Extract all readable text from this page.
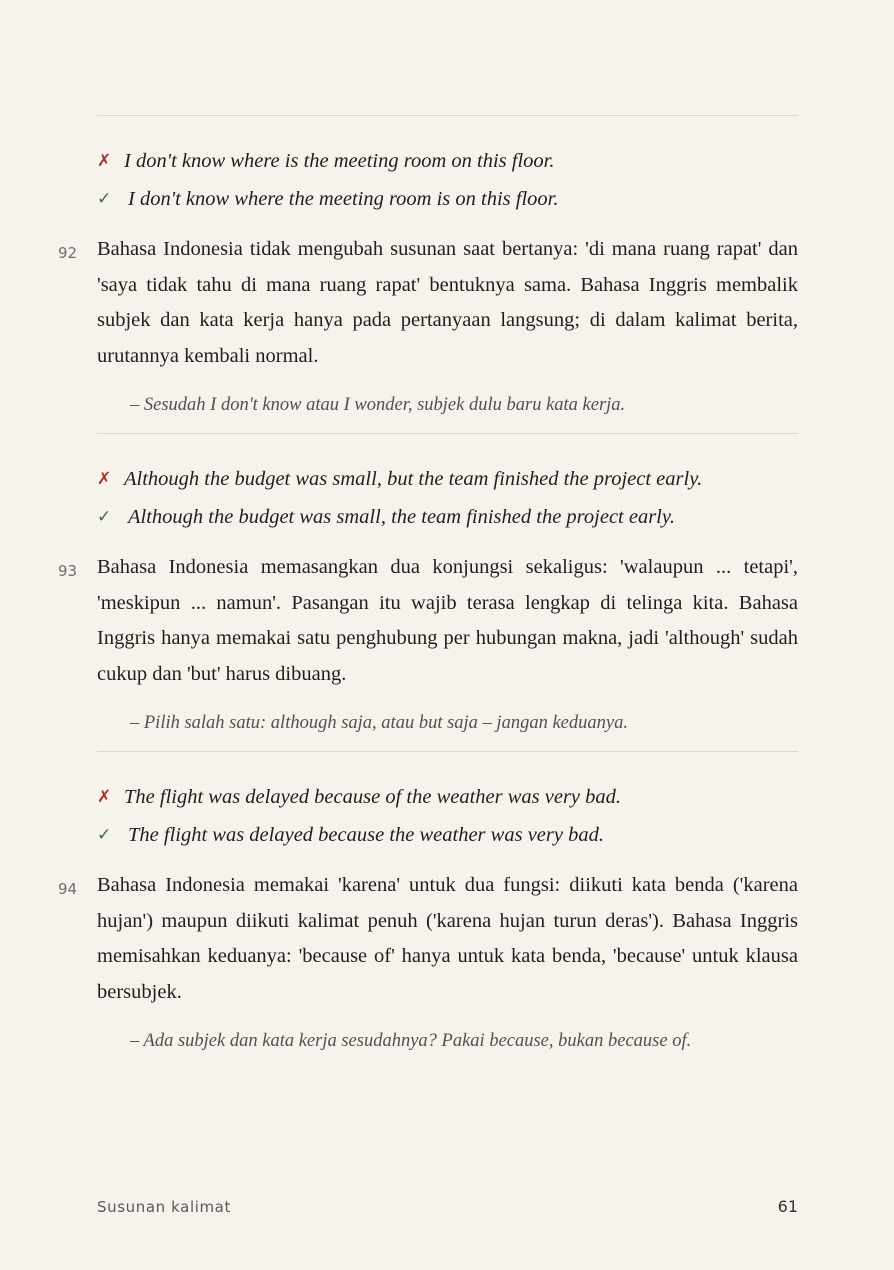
✗ I don't know where is the meeting room on this floor.
✓ I don't know where the meeting room is on this floor.
92 Bahasa Indonesia tidak mengubah susunan saat bertanya: 'di mana ruang rapat' dan 'saya tidak tahu di mana ruang rapat' bentuknya sama. Bahasa Inggris membalik subjek dan kata kerja hanya pada pertanyaan langsung; di dalam kalimat berita, urutannya kembali normal.
– Sesudah I don't know atau I wonder, subjek dulu baru kata kerja.
✗ Although the budget was small, but the team finished the project early.
✓ Although the budget was small, the team finished the project early.
93 Bahasa Indonesia memasangkan dua konjungsi sekaligus: 'walaupun ... tetapi', 'meskipun ... namun'. Pasangan itu wajib terasa lengkap di telinga kita. Bahasa Inggris hanya memakai satu penghubung per hubungan makna, jadi 'although' sudah cukup dan 'but' harus dibuang.
– Pilih salah satu: although saja, atau but saja – jangan keduanya.
✗ The flight was delayed because of the weather was very bad.
✓ The flight was delayed because the weather was very bad.
94 Bahasa Indonesia memakai 'karena' untuk dua fungsi: diikuti kata benda ('karena hujan') maupun diikuti kalimat penuh ('karena hujan turun deras'). Bahasa Inggris memisahkan keduanya: 'because of' hanya untuk kata benda, 'because' untuk klausa bersubjek.
– Ada subjek dan kata kerja sesudahnya? Pakai because, bukan because of.
Susunan kalimat	61
